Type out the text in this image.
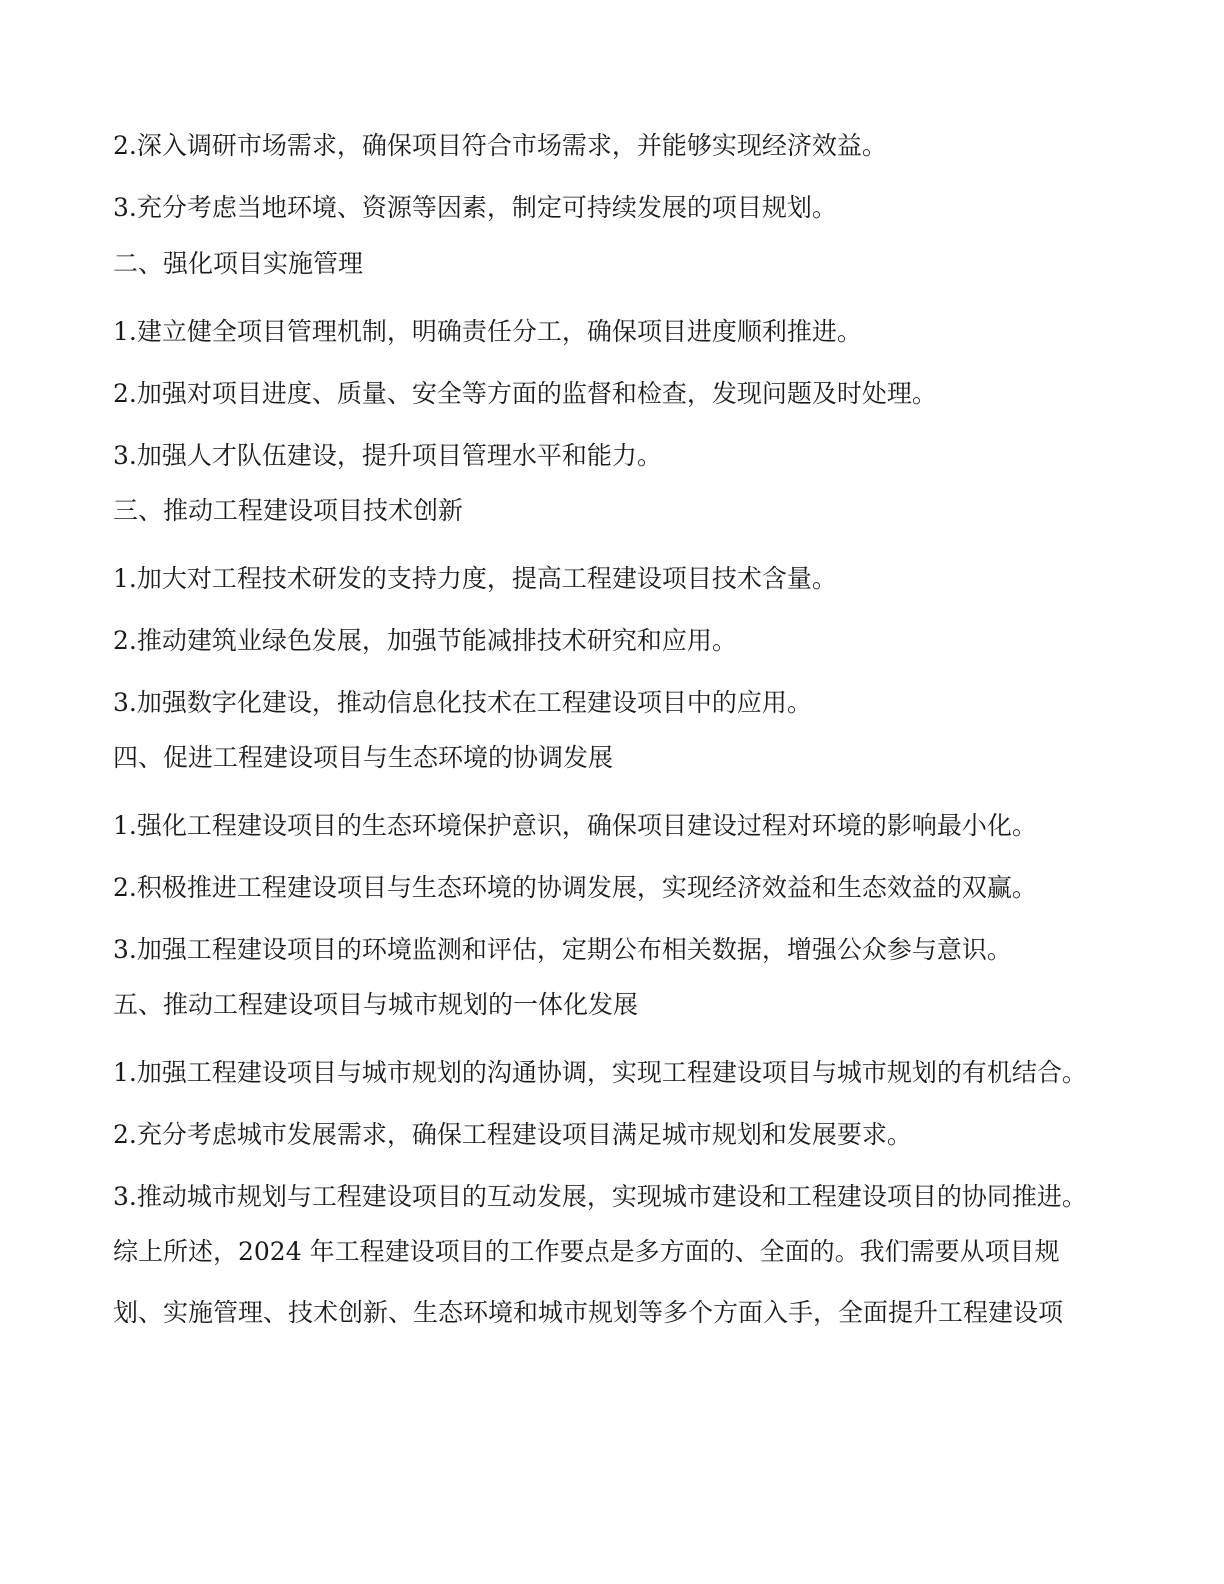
2.深入调研市场需求，确保项目符合市场需求，并能够实现经济效益。
3.充分考虑当地环境、资源等因素，制定可持续发展的项目规划。
二、强化项目实施管理
1.建立健全项目管理机制，明确责任分工，确保项目进度顺利推进。
2.加强对项目进度、质量、安全等方面的监督和检查，发现问题及时处理。
3.加强人才队伍建设，提升项目管理水平和能力。
三、推动工程建设项目技术创新
1.加大对工程技术研发的支持力度，提高工程建设项目技术含量。
2.推动建筑业绿色发展，加强节能减排技术研究和应用。
3.加强数字化建设，推动信息化技术在工程建设项目中的应用。
四、促进工程建设项目与生态环境的协调发展
1.强化工程建设项目的生态环境保护意识，确保项目建设过程对环境的影响最小化。
2.积极推进工程建设项目与生态环境的协调发展，实现经济效益和生态效益的双赢。
3.加强工程建设项目的环境监测和评估，定期公布相关数据，增强公众参与意识。
五、推动工程建设项目与城市规划的一体化发展
1.加强工程建设项目与城市规划的沟通协调，实现工程建设项目与城市规划的有机结合。
2.充分考虑城市发展需求，确保工程建设项目满足城市规划和发展要求。
3.推动城市规划与工程建设项目的互动发展，实现城市建设和工程建设项目的协同推进。
综上所述，2024 年工程建设项目的工作要点是多方面的、全面的。我们需要从项目规
划、实施管理、技术创新、生态环境和城市规划等多个方面入手，全面提升工程建设项
